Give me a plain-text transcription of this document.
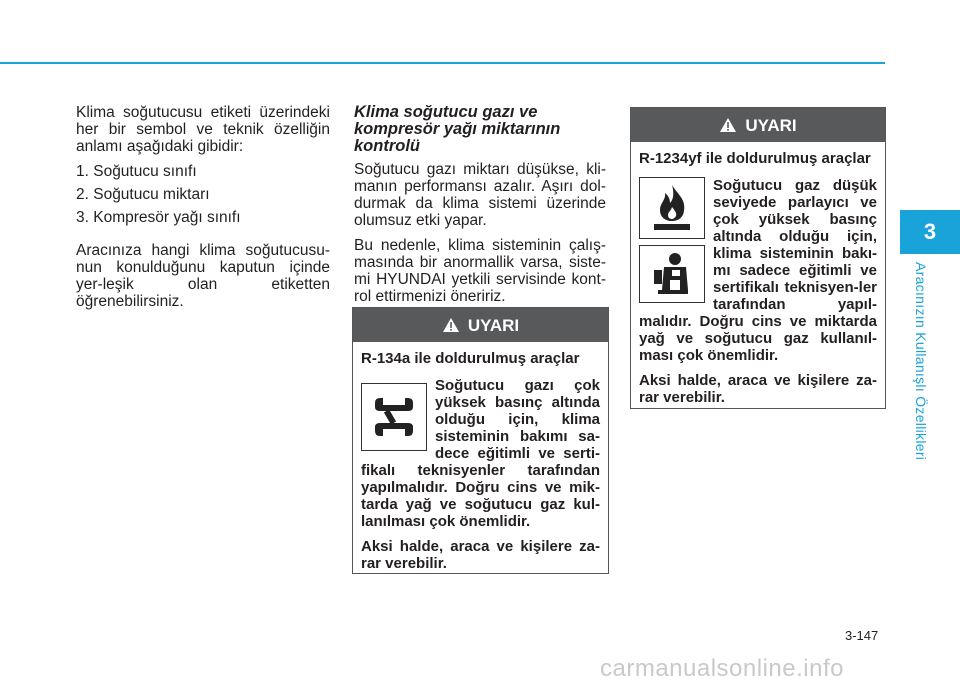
3
Aracınızın Kullanışlı Özellikleri

Klima soğutucusu etiketi üzerindeki her bir sembol ve teknik özelliğin anlamı aşağıdaki gibidir:

1. Soğutucu sınıfı

2. Soğutucu miktarı

3. Kompresör yağı sınıfı

Aracınıza hangi klima soğutucusu-nun konulduğunu kaputun içinde yer-leşik olan etiketten öğrenebilirsiniz.

Klima soğutucu gazı ve kompresör yağı miktarının kontrolü

Soğutucu gazı miktarı düşükse, kli-manın performansı azalır. Aşırı dol-durmak da klima sistemi üzerinde olumsuz etki yapar.

Bu nedenle, klima sisteminin çalış-masında bir anormallik varsa, siste-mi HYUNDAI yetkili servisinde kont-rol ettirmenizi öneririz.

UYARI

R-134a ile doldurulmuş araçlar

Soğutucu gazı çok yüksek basınç altında olduğu için, klima sisteminin bakımı sa-dece eğitimli ve serti-fikalı teknisyenler tarafından yapılmalıdır. Doğru cins ve mik-tarda yağ ve soğutucu gaz kul-lanılması çok önemlidir.

Aksi halde, araca ve kişilere za-rar verebilir.

UYARI

R-1234yf ile doldurulmuş araçlar

Soğutucu gaz düşük seviyede parlayıcı ve çok yüksek basınç altında olduğu için, klima sisteminin bakı-mı sadece eğitimli ve sertifikalı teknisyen-ler tarafından yapıl-malıdır. Doğru cins ve miktarda yağ ve soğutucu gaz kullanıl-ması çok önemlidir.

Aksi halde, araca ve kişilere za-rar verebilir.

3-147
carmanualsonline.info
